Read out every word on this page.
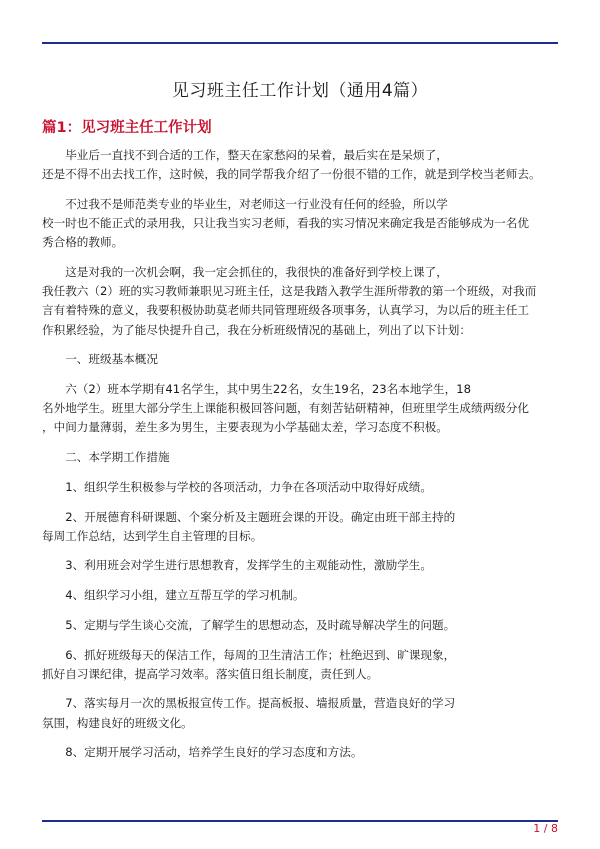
见习班主任工作计划（通用4篇）
篇1：见习班主任工作计划

毕业后一直找不到合适的工作，整天在家愁闷的呆着，最后实在是呆烦了，
还是不得不出去找工作，这时候，我的同学帮我介绍了一份很不错的工作，就是到学校当老师去。

不过我不是师范类专业的毕业生，对老师这一行业没有任何的经验，所以学
校一时也不能正式的录用我，只让我当实习老师，看我的实习情况来确定我是否能够成为一名优
秀合格的教师。

这是对我的一次机会啊，我一定会抓住的，我很快的准备好到学校上课了，
我任教六（2）班的实习教师兼职见习班主任，这是我踏入教学生涯所带教的第一个班级，对我而
言有着特殊的意义，我要积极协助莫老师共同管理班级各项事务，认真学习，为以后的班主任工
作积累经验，为了能尽快提升自己，我在分析班级情况的基础上，列出了以下计划：

一、班级基本概况

六（2）班本学期有41名学生，其中男生22名，女生19名，23名本地学生，18
名外地学生。班里大部分学生上课能积极回答问题，有刻苦钻研精神，但班里学生成绩两级分化
，中间力量薄弱，差生多为男生，主要表现为小学基础太差，学习态度不积极。

二、本学期工作措施

1、组织学生积极参与学校的各项活动，力争在各项活动中取得好成绩。

2、开展德育科研课题、个案分析及主题班会课的开设。确定由班干部主持的
每周工作总结，达到学生自主管理的目标。

3、利用班会对学生进行思想教育，发挥学生的主观能动性，激励学生。

4、组织学习小组，建立互帮互学的学习机制。

5、定期与学生谈心交流，了解学生的思想动态，及时疏导解决学生的问题。

6、抓好班级每天的保洁工作，每周的卫生清洁工作；杜绝迟到、旷课现象，
抓好自习课纪律，提高学习效率。落实值日组长制度，责任到人。

7、落实每月一次的黑板报宣传工作。提高板报、墙报质量，营造良好的学习
氛围，构建良好的班级文化。

8、定期开展学习活动，培养学生良好的学习态度和方法。

1 / 8
